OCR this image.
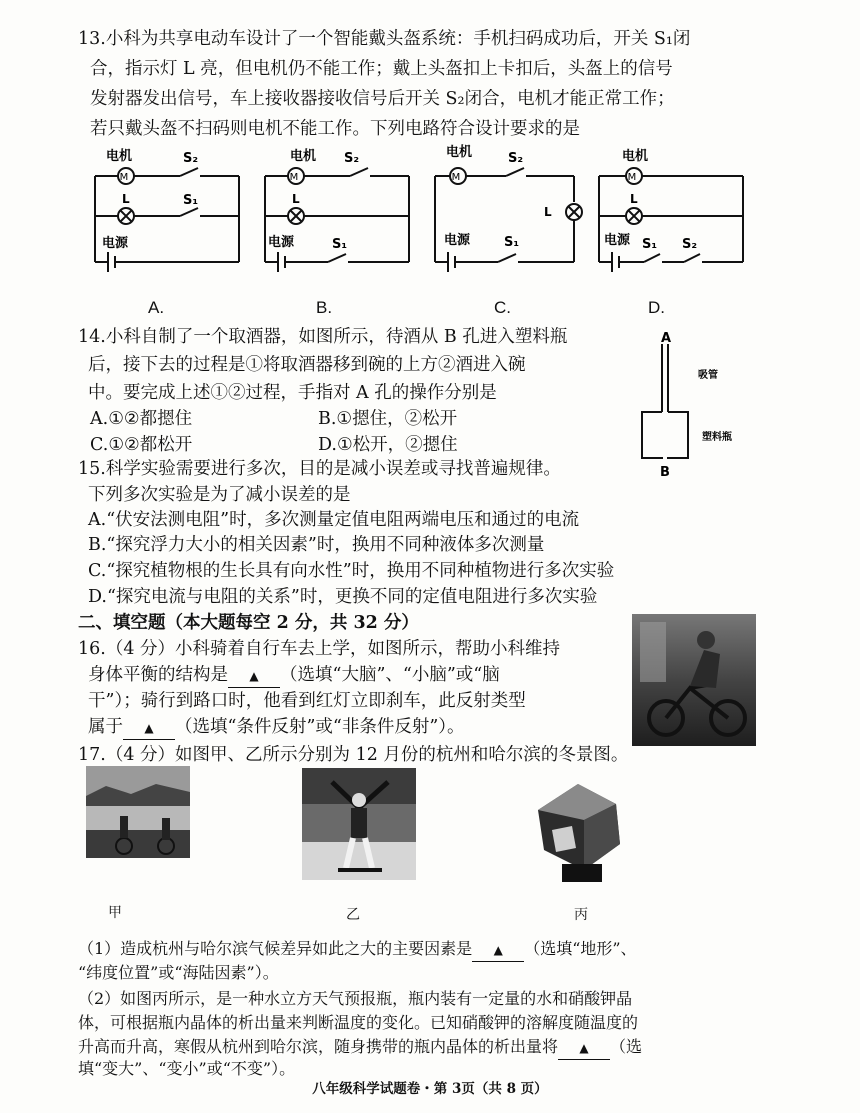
13.小科为共享电动车设计了一个智能戴头盔系统：手机扫码成功后，开关 S₁闭
合，指示灯 L 亮，但电机仍不能工作；戴上头盔扣上卡扣后，头盔上的信号
发射器发出信号，车上接收器接收信号后开关 S₂闭合，电机才能正常工作；
若只戴头盔不扫码则电机不能工作。下列电路符合设计要求的是
M
电机	S₂
L	S₁
电源
M
电机 S₂
L
电源	S₁
M
电机	S₂
L
电源	S₁
M
电机
L
电源 S₁ S₂
A.	B.	C.	D.
14.小科自制了一个取酒器，如图所示，待酒从 B 孔进入塑料瓶
后，接下去的过程是①将取酒器移到碗的上方②酒进入碗
中。要完成上述①②过程，手指对 A 孔的操作分别是
A.①②都摁住	B.①摁住，②松开
C.①②都松开	D.①松开，②摁住
A
B
吸管
塑料瓶
15.科学实验需要进行多次，目的是减小误差或寻找普遍规律。
下列多次实验是为了减小误差的是
A.“伏安法测电阻”时，多次测量定值电阻两端电压和通过的电流
B.“探究浮力大小的相关因素”时，换用不同种液体多次测量
C.“探究植物根的生长具有向水性”时，换用不同种植物进行多次实验
D.“探究电流与电阻的关系”时，更换不同的定值电阻进行多次实验
二、填空题（本大题每空 2 分，共 32 分）
16.（4 分）小科骑着自行车去上学，如图所示，帮助小科维持
身体平衡的结构是 ▲ （选填“大脑”、“小脑”或“脑
干”）；骑行到路口时，他看到红灯立即刹车，此反射类型
属于 ▲ （选填“条件反射”或“非条件反射”）。
17.（4 分）如图甲、乙所示分别为 12 月份的杭州和哈尔滨的冬景图。
甲	乙	丙
（1）造成杭州与哈尔滨气候差异如此之大的主要因素是 ▲ （选填“地形”、
“纬度位置”或“海陆因素”）。
（2）如图丙所示，是一种水立方天气预报瓶，瓶内装有一定量的水和硝酸钾晶
体，可根据瓶内晶体的析出量来判断温度的变化。已知硝酸钾的溶解度随温度的
升高而升高，寒假从杭州到哈尔滨，随身携带的瓶内晶体的析出量将 ▲ （选
填“变大”、“变小”或“不变”）。
八年级科学试题卷・第 3页（共 8 页）
